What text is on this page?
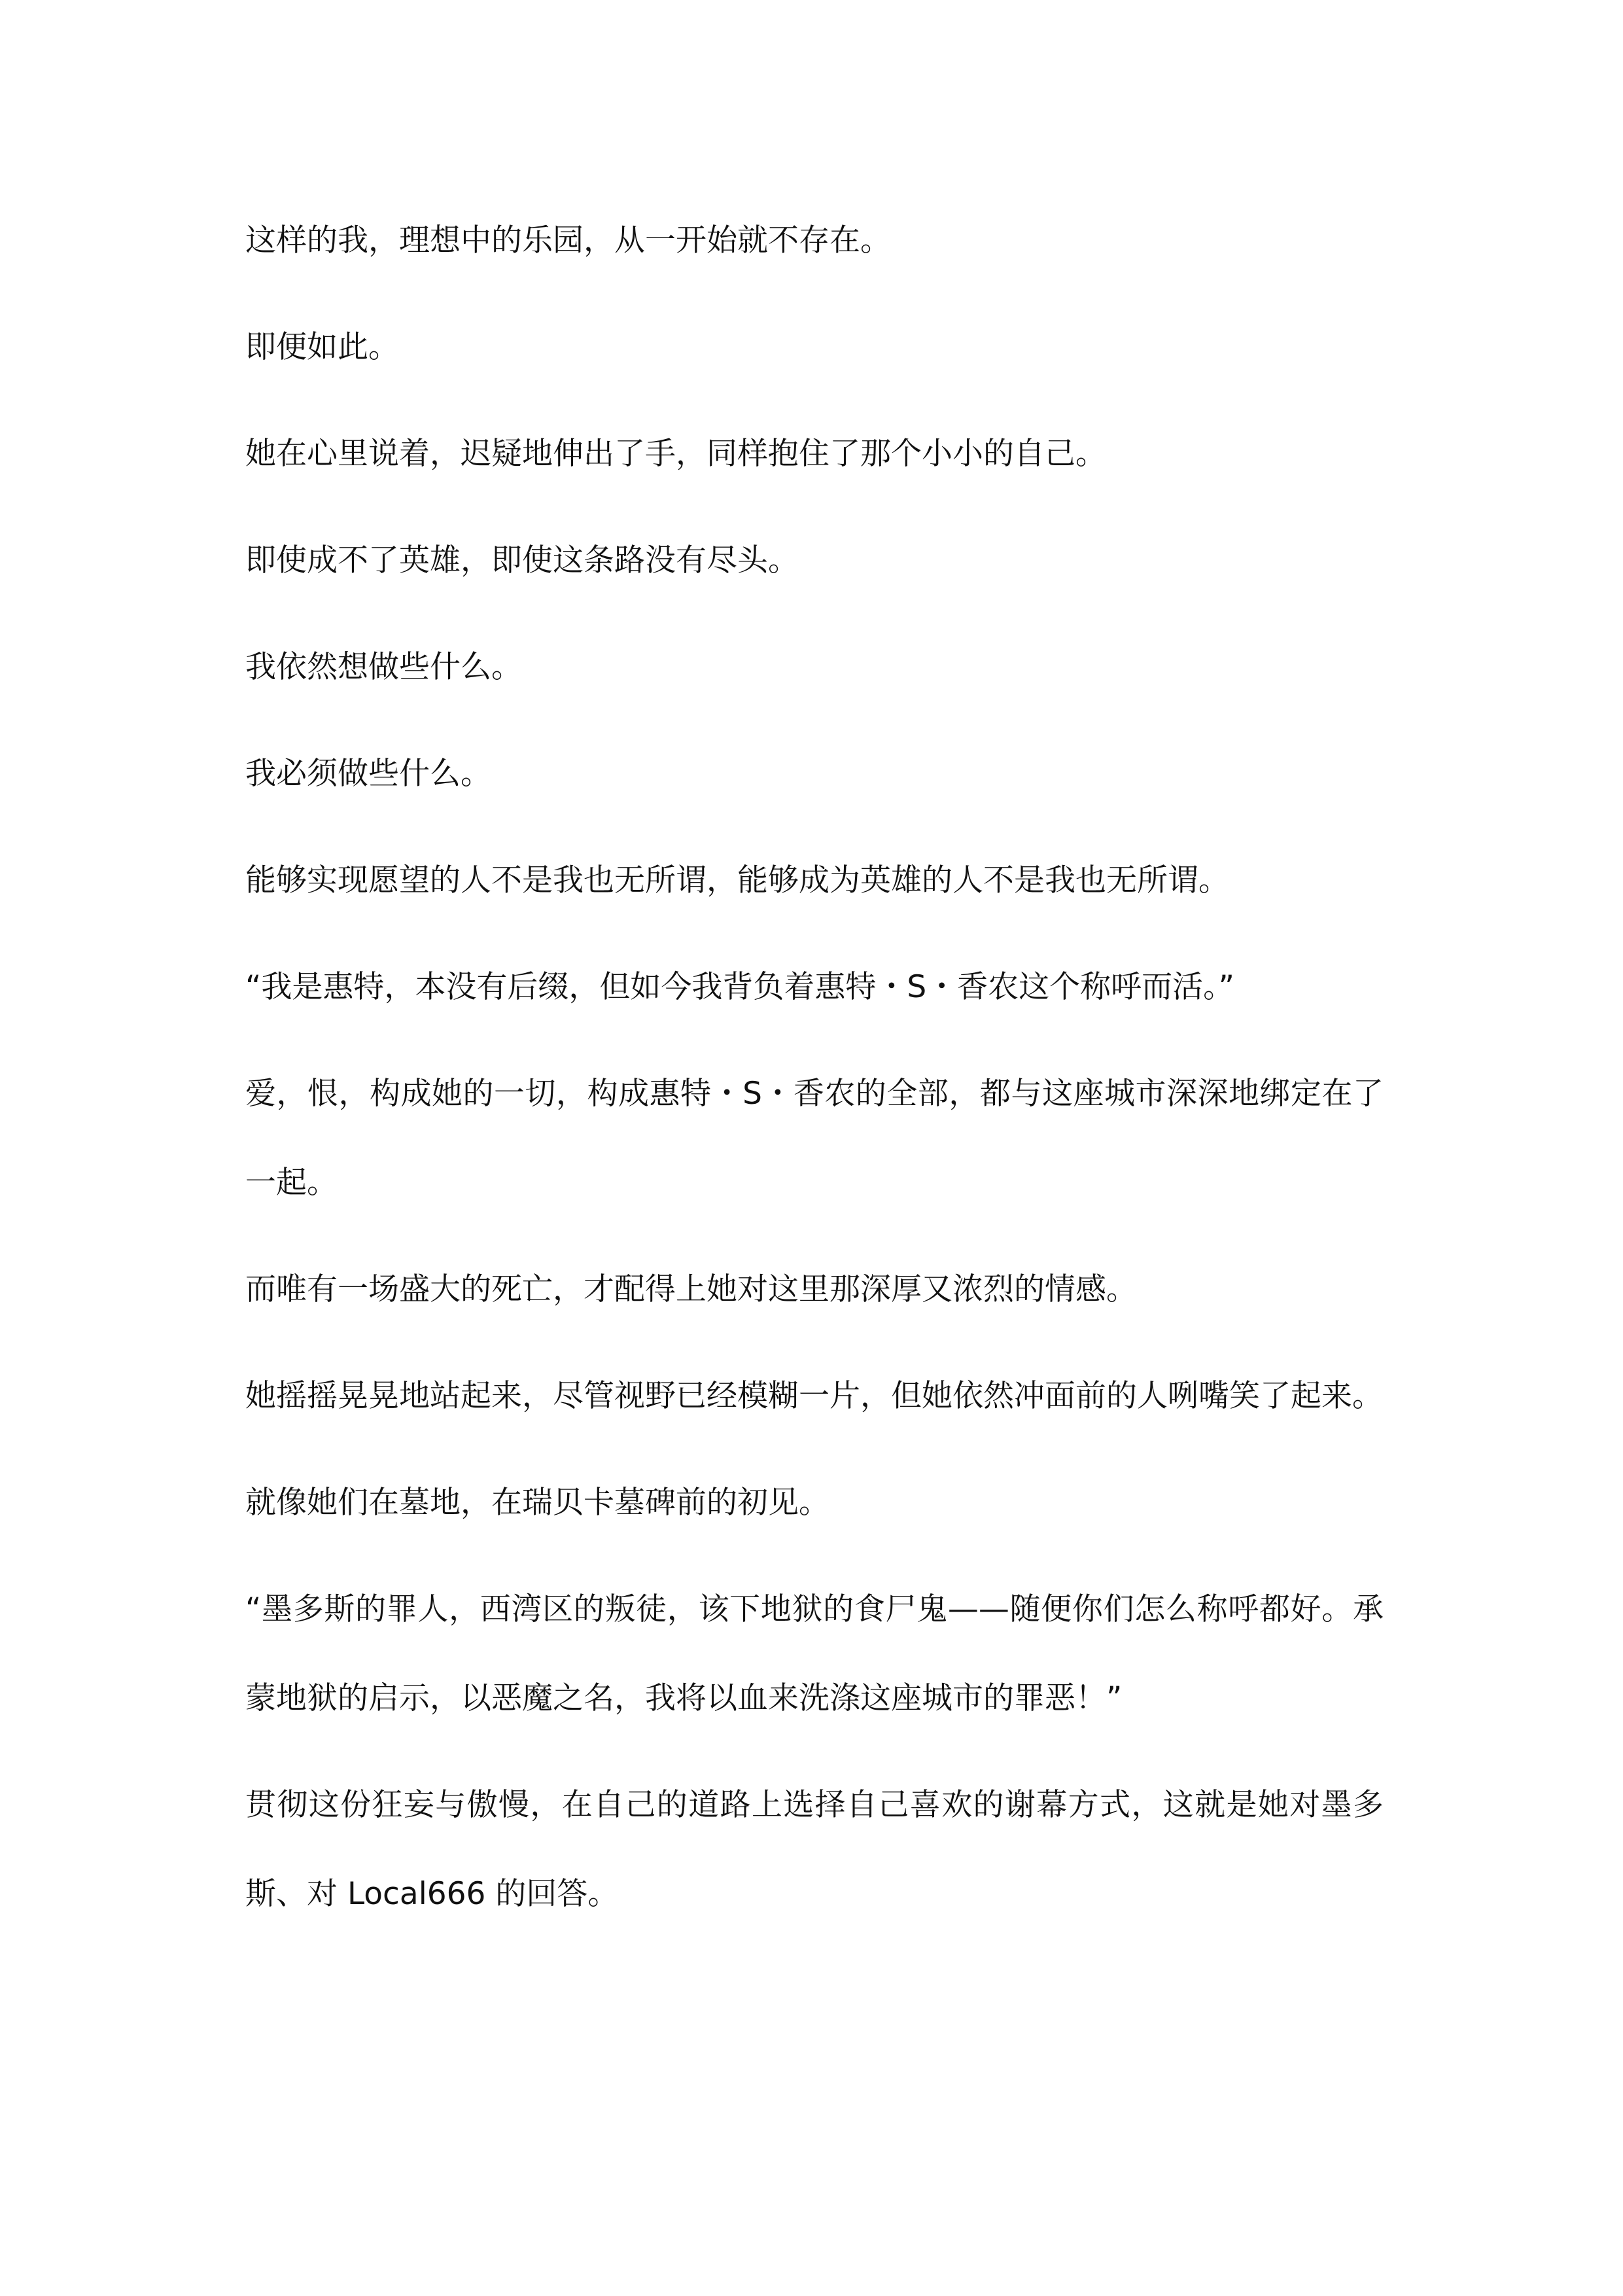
这样的我，理想中的乐园，从一开始就不存在。

即便如此。

她在心里说着，迟疑地伸出了手，同样抱住了那个小小的自己。

即使成不了英雄，即使这条路没有尽头。

我依然想做些什么。

我必须做些什么。

能够实现愿望的人不是我也无所谓，能够成为英雄的人不是我也无所谓。

“我是惠特，本没有后缀，但如今我背负着惠特・S・香农这个称呼而活。”

爱，恨，构成她的一切，构成惠特・S・香农的全部，都与这座城市深深地绑定在了一起。

而唯有一场盛大的死亡，才配得上她对这里那深厚又浓烈的情感。

她摇摇晃晃地站起来，尽管视野已经模糊一片，但她依然冲面前的人咧嘴笑了起来。

就像她们在墓地，在瑞贝卡墓碑前的初见。

“墨多斯的罪人，西湾区的叛徒，该下地狱的食尸鬼——随便你们怎么称呼都好。承蒙地狱的启示，以恶魔之名，我将以血来洗涤这座城市的罪恶！”

贯彻这份狂妄与傲慢，在自己的道路上选择自己喜欢的谢幕方式，这就是她对墨多斯、对 Local666 的回答。
